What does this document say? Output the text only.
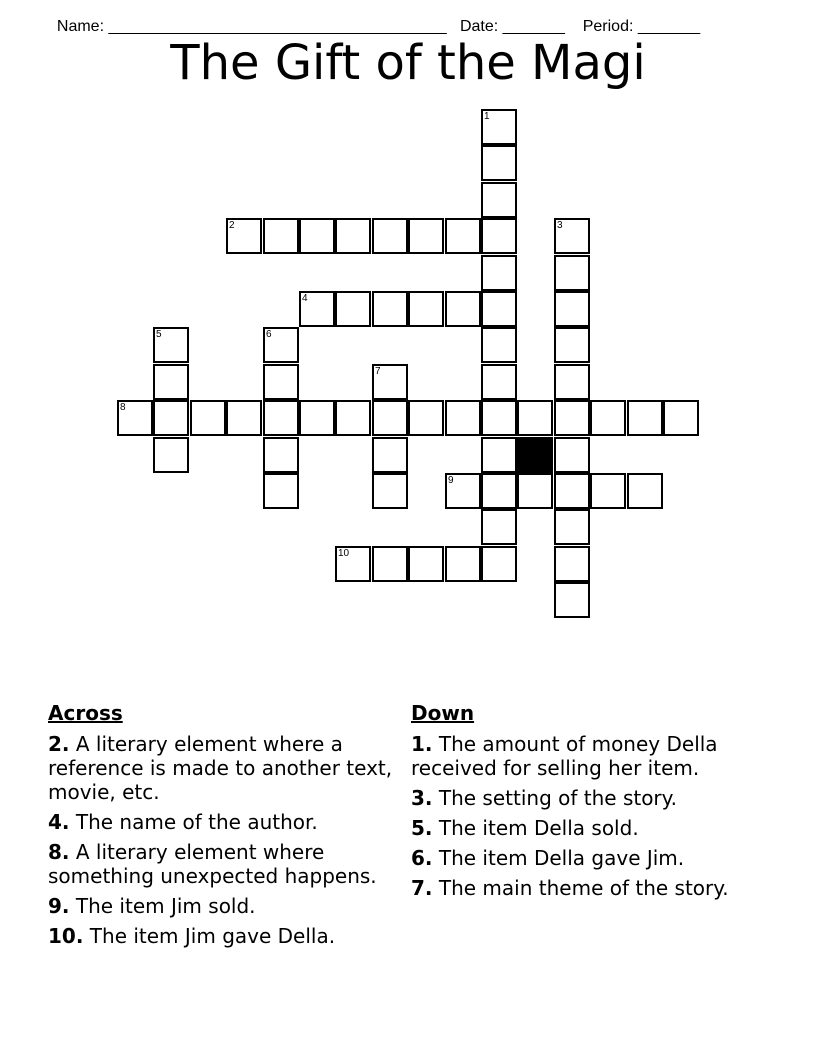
Name: ______________________________________ Date: _______ Period: _______

The Gift of the Magi
1
2	3
4
5	6
7
8
9
10
Across
2. A literary element where a reference is made to another text, movie, etc.
4. The name of the author.
8. A literary element where something unexpected happens.
9. The item Jim sold.
10. The item Jim gave Della.
Down
1. The amount of money Della received for selling her item.
3. The setting of the story.
5. The item Della sold.
6. The item Della gave Jim.
7. The main theme of the story.
